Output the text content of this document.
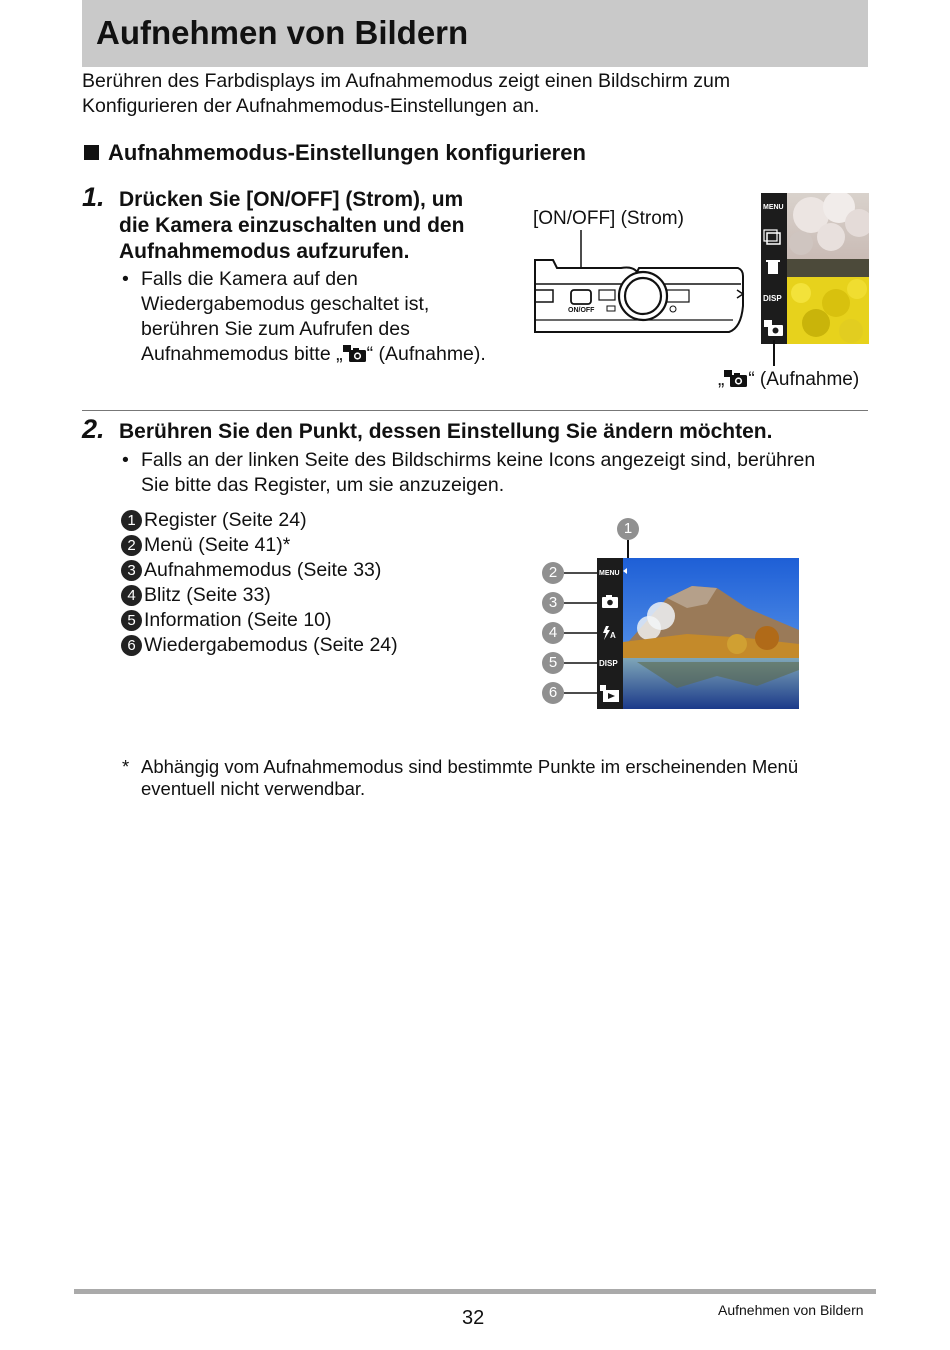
Aufnehmen von Bildern
Berühren des Farbdisplays im Aufnahmemodus zeigt einen Bildschirm zum
Konfigurieren der Aufnahmemodus-Einstellungen an.
Aufnahmemodus-Einstellungen konfigurieren
1. Drücken Sie [ON/OFF] (Strom), um
die Kamera einzuschalten und den
Aufnahmemodus aufzurufen.
• Falls die Kamera auf den
Wiedergabemodus geschaltet ist,
berühren Sie zum Aufrufen des
Aufnahmemodus bitte „ “ (Aufnahme).
[ON/OFF] (Strom)
ON/OFF
MENU
DISP
„ “ (Aufnahme)
2. Berühren Sie den Punkt, dessen Einstellung Sie ändern möchten.
• Falls an der linken Seite des Bildschirms keine Icons angezeigt sind, berühren
Sie bitte das Register, um sie anzuzeigen.
1 Register (Seite 24)
2 Menü (Seite 41)*
3 Aufnahmemodus (Seite 33)
4 Blitz (Seite 33)
5 Information (Seite 10)
6 Wiedergabemodus (Seite 24)
1
2
3
4
5
6
MENU
A
DISP
* Abhängig vom Aufnahmemodus sind bestimmte Punkte im erscheinenden Menü
eventuell nicht verwendbar.
32	Aufnehmen von Bildern
